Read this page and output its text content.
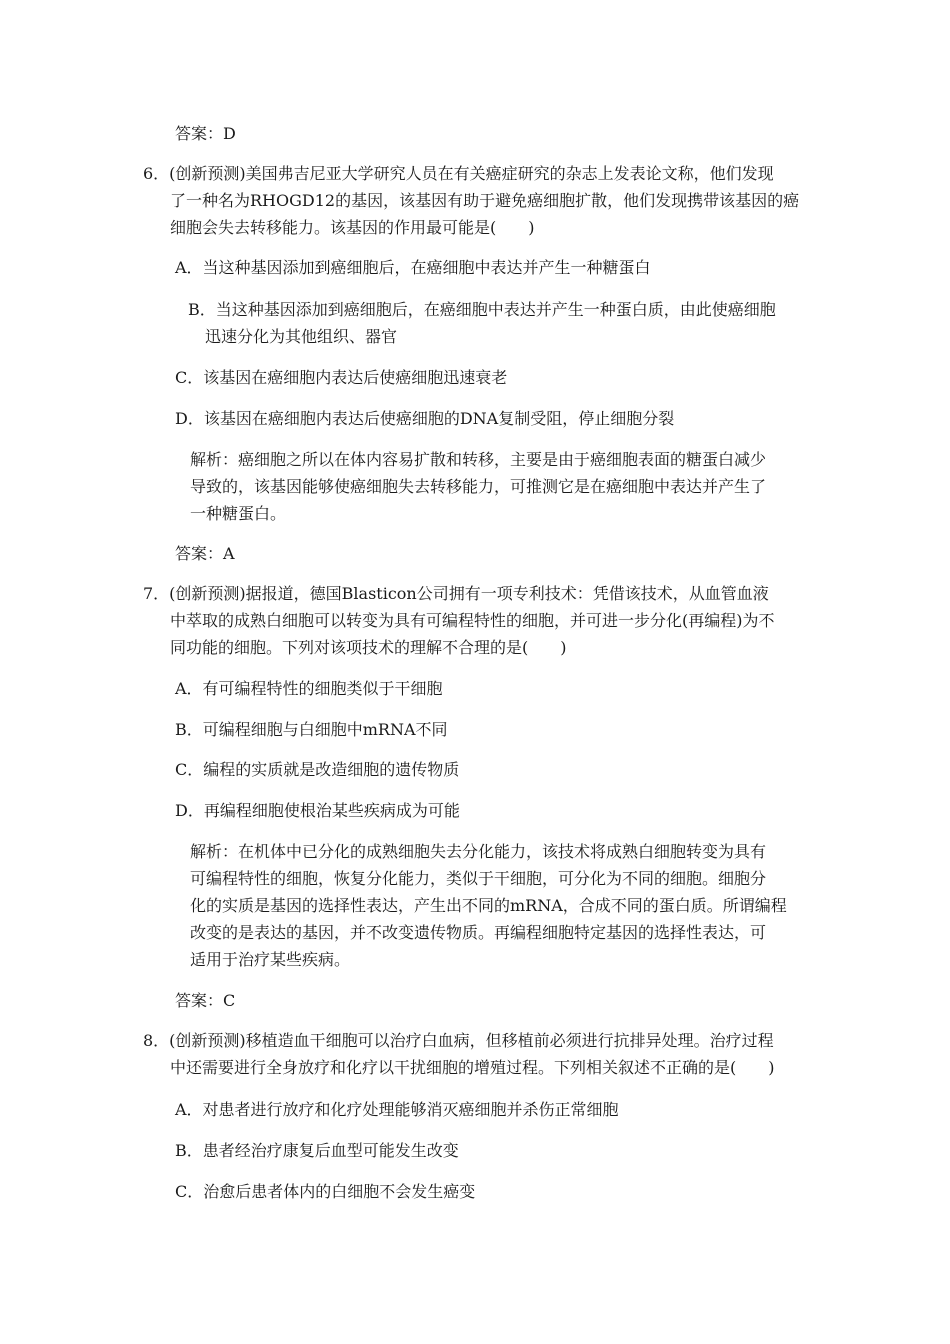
答案：D
6．(创新预测)美国弗吉尼亚大学研究人员在有关癌症研究的杂志上发表论文称，他们发现
了一种名为RHOGD12的基因，该基因有助于避免癌细胞扩散，他们发现携带该基因的癌
细胞会失去转移能力。该基因的作用最可能是(　　)
A．当这种基因添加到癌细胞后，在癌细胞中表达并产生一种糖蛋白
B．当这种基因添加到癌细胞后，在癌细胞中表达并产生一种蛋白质，由此使癌细胞
迅速分化为其他组织、器官
C．该基因在癌细胞内表达后使癌细胞迅速衰老
D．该基因在癌细胞内表达后使癌细胞的DNA复制受阻，停止细胞分裂
解析：癌细胞之所以在体内容易扩散和转移，主要是由于癌细胞表面的糖蛋白减少
导致的，该基因能够使癌细胞失去转移能力，可推测它是在癌细胞中表达并产生了
一种糖蛋白。
答案：A
7．(创新预测)据报道，德国Blasticon公司拥有一项专利技术：凭借该技术，从血管血液
中萃取的成熟白细胞可以转变为具有可编程特性的细胞，并可进一步分化(再编程)为不
同功能的细胞。下列对该项技术的理解不合理的是(　　)
A．有可编程特性的细胞类似于干细胞
B．可编程细胞与白细胞中mRNA不同
C．编程的实质就是改造细胞的遗传物质
D．再编程细胞使根治某些疾病成为可能
解析：在机体中已分化的成熟细胞失去分化能力，该技术将成熟白细胞转变为具有
可编程特性的细胞，恢复分化能力，类似于干细胞，可分化为不同的细胞。细胞分
化的实质是基因的选择性表达，产生出不同的mRNA，合成不同的蛋白质。所谓编程
改变的是表达的基因，并不改变遗传物质。再编程细胞特定基因的选择性表达，可
适用于治疗某些疾病。
答案：C
8．(创新预测)移植造血干细胞可以治疗白血病，但移植前必须进行抗排异处理。治疗过程
中还需要进行全身放疗和化疗以干扰细胞的增殖过程。下列相关叙述不正确的是(　　)
A．对患者进行放疗和化疗处理能够消灭癌细胞并杀伤正常细胞
B．患者经治疗康复后血型可能发生改变
C．治愈后患者体内的白细胞不会发生癌变
